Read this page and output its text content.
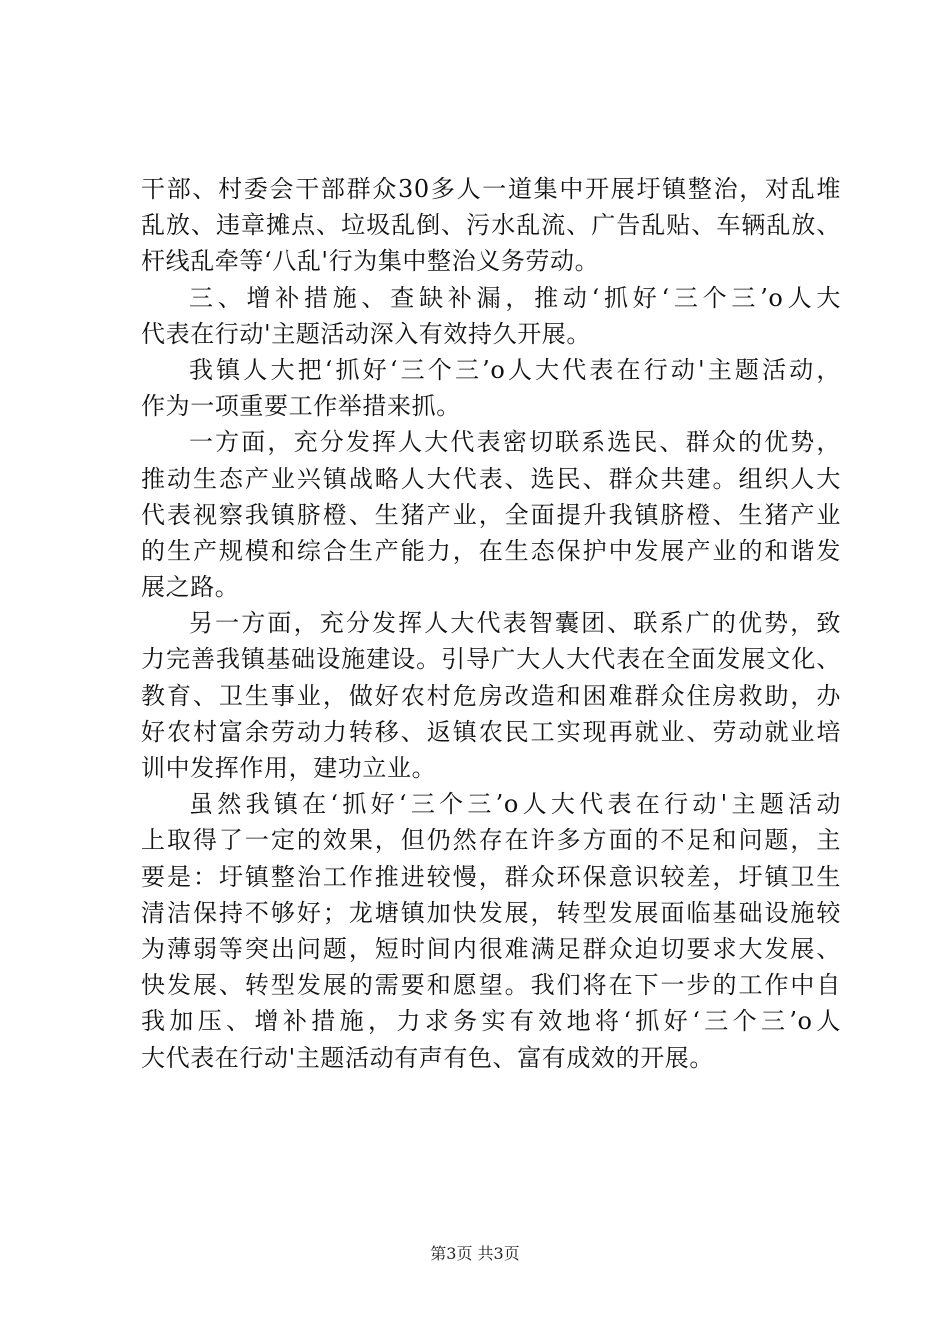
干部、村委会干部群众30多人一道集中开展圩镇整治，对乱堆
乱放、违章摊点、垃圾乱倒、污水乱流、广告乱贴、车辆乱放、
杆线乱牵等‘八乱'行为集中整治义务劳动。
三、增补措施、查缺补漏，推动‘抓好‘三个三’o人大
代表在行动'主题活动深入有效持久开展。
我镇人大把‘抓好‘三个三’o人大代表在行动'主题活动，
作为一项重要工作举措来抓。
一方面，充分发挥人大代表密切联系选民、群众的优势，
推动生态产业兴镇战略人大代表、选民、群众共建。组织人大
代表视察我镇脐橙、生猪产业，全面提升我镇脐橙、生猪产业
的生产规模和综合生产能力，在生态保护中发展产业的和谐发
展之路。
另一方面，充分发挥人大代表智囊团、联系广的优势，致
力完善我镇基础设施建设。引导广大人大代表在全面发展文化、
教育、卫生事业，做好农村危房改造和困难群众住房救助，办
好农村富余劳动力转移、返镇农民工实现再就业、劳动就业培
训中发挥作用，建功立业。
虽然我镇在‘抓好‘三个三’o人大代表在行动'主题活动
上取得了一定的效果，但仍然存在许多方面的不足和问题，主
要是：圩镇整治工作推进较慢，群众环保意识较差，圩镇卫生
清洁保持不够好；龙塘镇加快发展，转型发展面临基础设施较
为薄弱等突出问题，短时间内很难满足群众迫切要求大发展、
快发展、转型发展的需要和愿望。我们将在下一步的工作中自
我加压、增补措施，力求务实有效地将‘抓好‘三个三’o人
大代表在行动'主题活动有声有色、富有成效的开展。
第3页 共3页
